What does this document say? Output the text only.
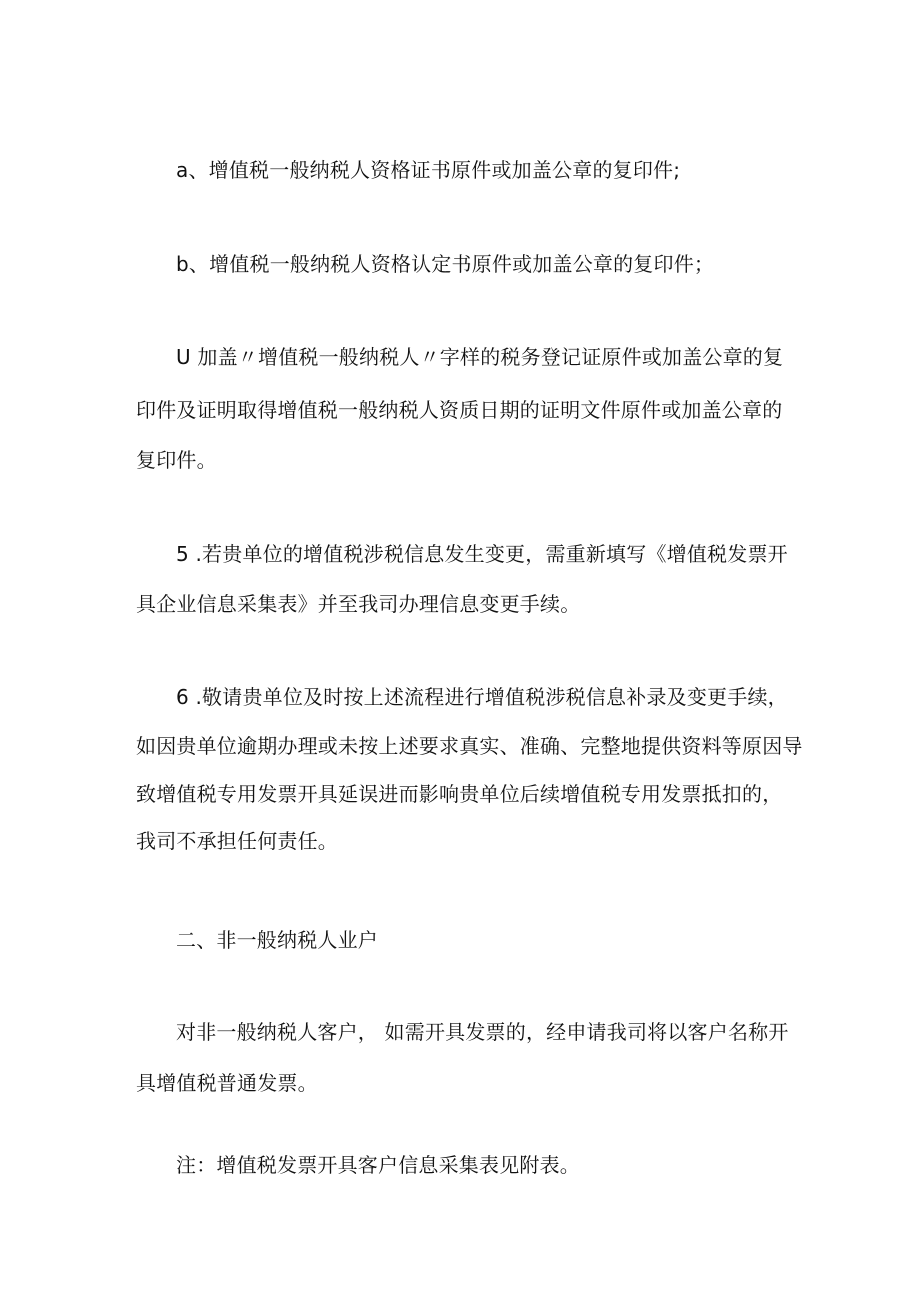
a、增值税一般纳税人资格证书原件或加盖公章的复印件;

b、增值税一般纳税人资格认定书原件或加盖公章的复印件；

U 加盖〃增值税一般纳税人〃字样的税务登记证原件或加盖公章的复

印件及证明取得增值税一般纳税人资质日期的证明文件原件或加盖公章的

复印件。

5 .若贵单位的增值税涉税信息发生变更，需重新填写《增值税发票开

具企业信息采集表》并至我司办理信息变更手续。

6 .敬请贵单位及时按上述流程进行增值税涉税信息补录及变更手续，

如因贵单位逾期办理或未按上述要求真实、准确、完整地提供资料等原因导

致增值税专用发票开具延误进而影响贵单位后续增值税专用发票抵扣的，

我司不承担任何责任。

二、非一般纳税人业户

对非一般纳税人客户， 如需开具发票的，经申请我司将以客户名称开

具增值税普通发票。

注：增值税发票开具客户信息采集表见附表。
